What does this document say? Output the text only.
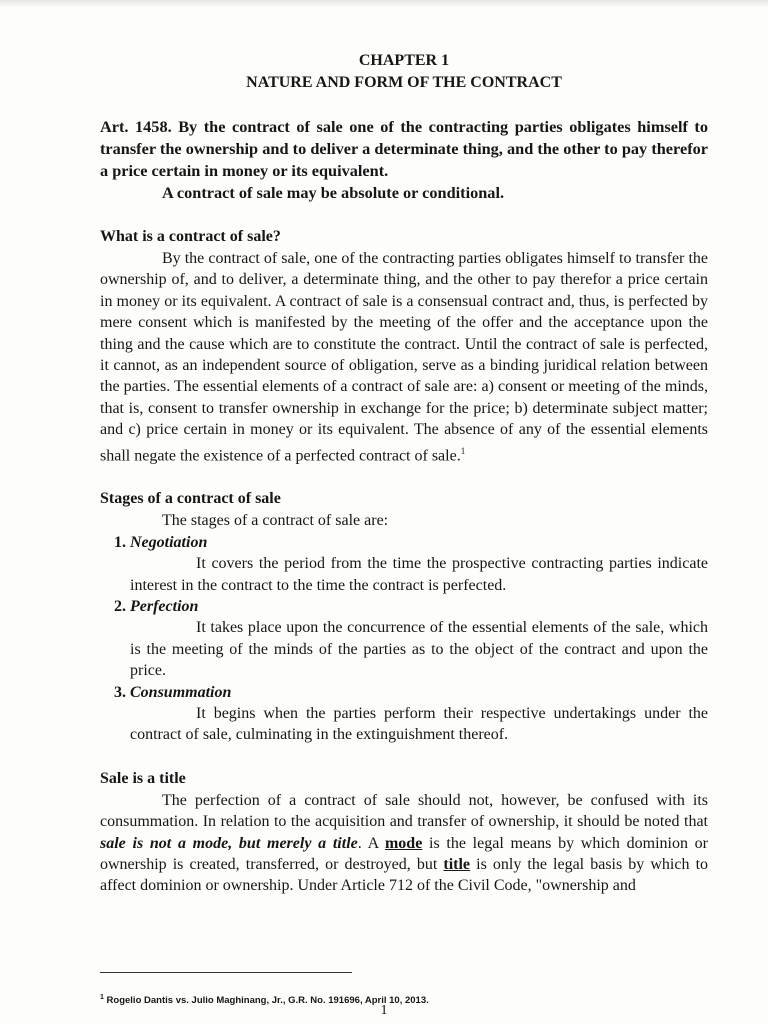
CHAPTER 1
NATURE AND FORM OF THE CONTRACT

Art. 1458. By the contract of sale one of the contracting parties obligates himself to transfer the ownership and to deliver a determinate thing, and the other to pay therefor a price certain in money or its equivalent.

A contract of sale may be absolute or conditional.

What is a contract of sale?

By the contract of sale, one of the contracting parties obligates himself to transfer the ownership of, and to deliver, a determinate thing, and the other to pay therefor a price certain in money or its equivalent. A contract of sale is a consensual contract and, thus, is perfected by mere consent which is manifested by the meeting of the offer and the acceptance upon the thing and the cause which are to constitute the contract. Until the contract of sale is perfected, it cannot, as an independent source of obligation, serve as a binding juridical relation between the parties. The essential elements of a contract of sale are: a) consent or meeting of the minds, that is, consent to transfer ownership in exchange for the price; b) determinate subject matter; and c) price certain in money or its equivalent. The absence of any of the essential elements shall negate the existence of a perfected contract of sale.$^1$

Stages of a contract of sale

The stages of a contract of sale are:

1. Negotiation

It covers the period from the time the prospective contracting parties indicate interest in the contract to the time the contract is perfected.

2. Perfection

It takes place upon the concurrence of the essential elements of the sale, which is the meeting of the minds of the parties as to the object of the contract and upon the price.

3. Consummation

It begins when the parties perform their respective undertakings under the contract of sale, culminating in the extinguishment thereof.

Sale is a title

The perfection of a contract of sale should not, however, be confused with its consummation. In relation to the acquisition and transfer of ownership, it should be noted that sale is not a mode, but merely a title. A mode is the legal means by which dominion or ownership is created, transferred, or destroyed, but title is only the legal basis by which to affect dominion or ownership. Under Article 712 of the Civil Code, "ownership and

$^1$ Rogelio Dantis vs. Julio Maghinang, Jr., G.R. No. 191696, April 10, 2013.
1
